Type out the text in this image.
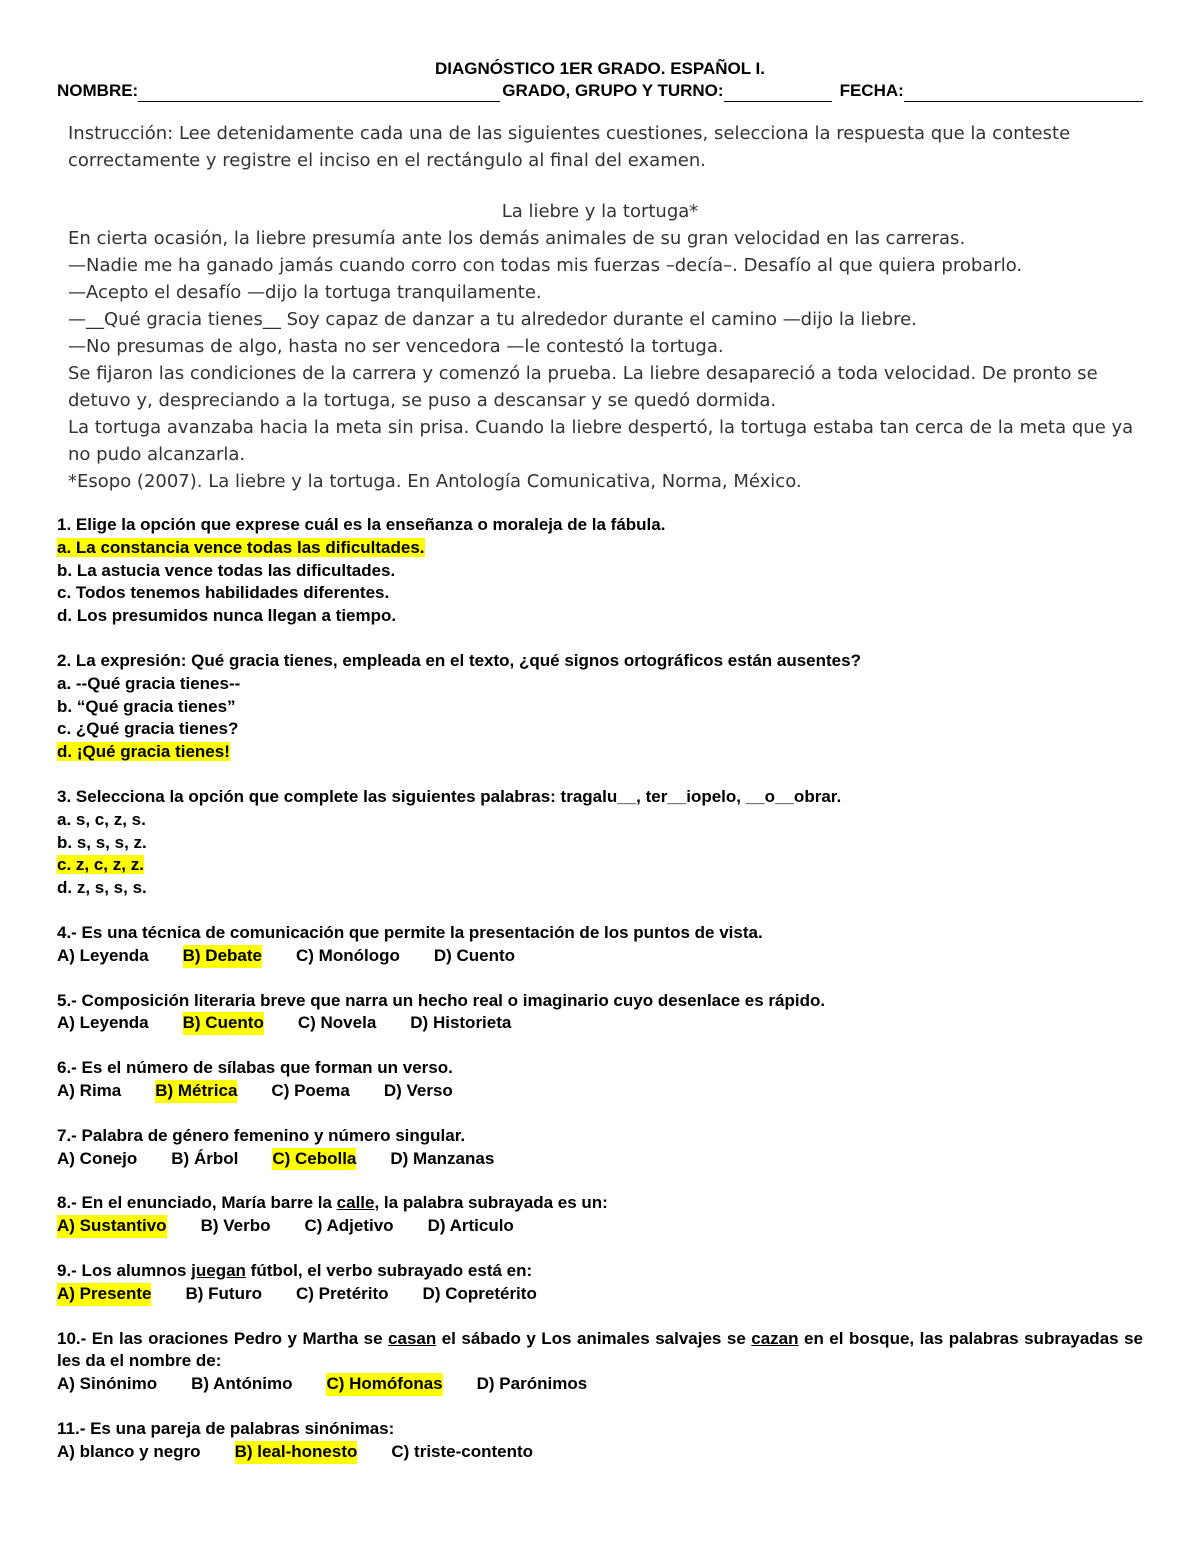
DIAGNÓSTICO 1ER GRADO. ESPAÑOL I.
NOMBRE:	GRADO, GRUPO Y TURNO:	FECHA:
Instrucción: Lee detenidamente cada una de las siguientes cuestiones, selecciona la respuesta que la conteste correctamente y registre el inciso en el rectángulo al final del examen.
La liebre y la tortuga*

En cierta ocasión, la liebre presumía ante los demás animales de su gran velocidad en las carreras.

—Nadie me ha ganado jamás cuando corro con todas mis fuerzas –decía–. Desafío al que quiera probarlo.

—Acepto el desafío —dijo la tortuga tranquilamente.

—__Qué gracia tienes__ Soy capaz de danzar a tu alrededor durante el camino —dijo la liebre.

—No presumas de algo, hasta no ser vencedora —le contestó la tortuga.

Se fijaron las condiciones de la carrera y comenzó la prueba. La liebre desapareció a toda velocidad. De pronto se detuvo y, despreciando a la tortuga, se puso a descansar y se quedó dormida.

La tortuga avanzaba hacia la meta sin prisa. Cuando la liebre despertó, la tortuga estaba tan cerca de la meta que ya no pudo alcanzarla.

*Esopo (2007). La liebre y la tortuga. En Antología Comunicativa, Norma, México.

1. Elige la opción que exprese cuál es la enseñanza o moraleja de la fábula.

a. La constancia vence todas las dificultades.

b. La astucia vence todas las dificultades.

c. Todos tenemos habilidades diferentes.

d. Los presumidos nunca llegan a tiempo.

2. La expresión: Qué gracia tienes, empleada en el texto, ¿qué signos ortográficos están ausentes?

a. --Qué gracia tienes--

b. “Qué gracia tienes”

c. ¿Qué gracia tienes?

d. ¡Qué gracia tienes!

3. Selecciona la opción que complete las siguientes palabras: tragalu__, ter__iopelo, __o__obrar.

a. s, c, z, s.

b. s, s, s, z.

c. z, c, z, z.

d. z, s, s, s.

4.- Es una técnica de comunicación que permite la presentación de los puntos de vista.

A) Leyenda B) Debate C) Monólogo D) Cuento

5.- Composición literaria breve que narra un hecho real o imaginario cuyo desenlace es rápido.

A) Leyenda B) Cuento C) Novela D) Historieta

6.- Es el número de sílabas que forman un verso.

A) Rima B) Métrica C) Poema D) Verso

7.- Palabra de género femenino y número singular.

A) Conejo B) Árbol C) Cebolla D) Manzanas

8.- En el enunciado, María barre la calle, la palabra subrayada es un:

A) Sustantivo B) Verbo C) Adjetivo D) Articulo

9.- Los alumnos juegan fútbol, el verbo subrayado está en:

A) Presente B) Futuro C) Pretérito D) Copretérito

10.- En las oraciones Pedro y Martha se casan el sábado y Los animales salvajes se cazan en el bosque, las palabras subrayadas se les da el nombre de:

A) Sinónimo B) Antónimo C) Homófonas D) Parónimos

11.- Es una pareja de palabras sinónimas:

A) blanco y negro B) leal-honesto C) triste-contento
